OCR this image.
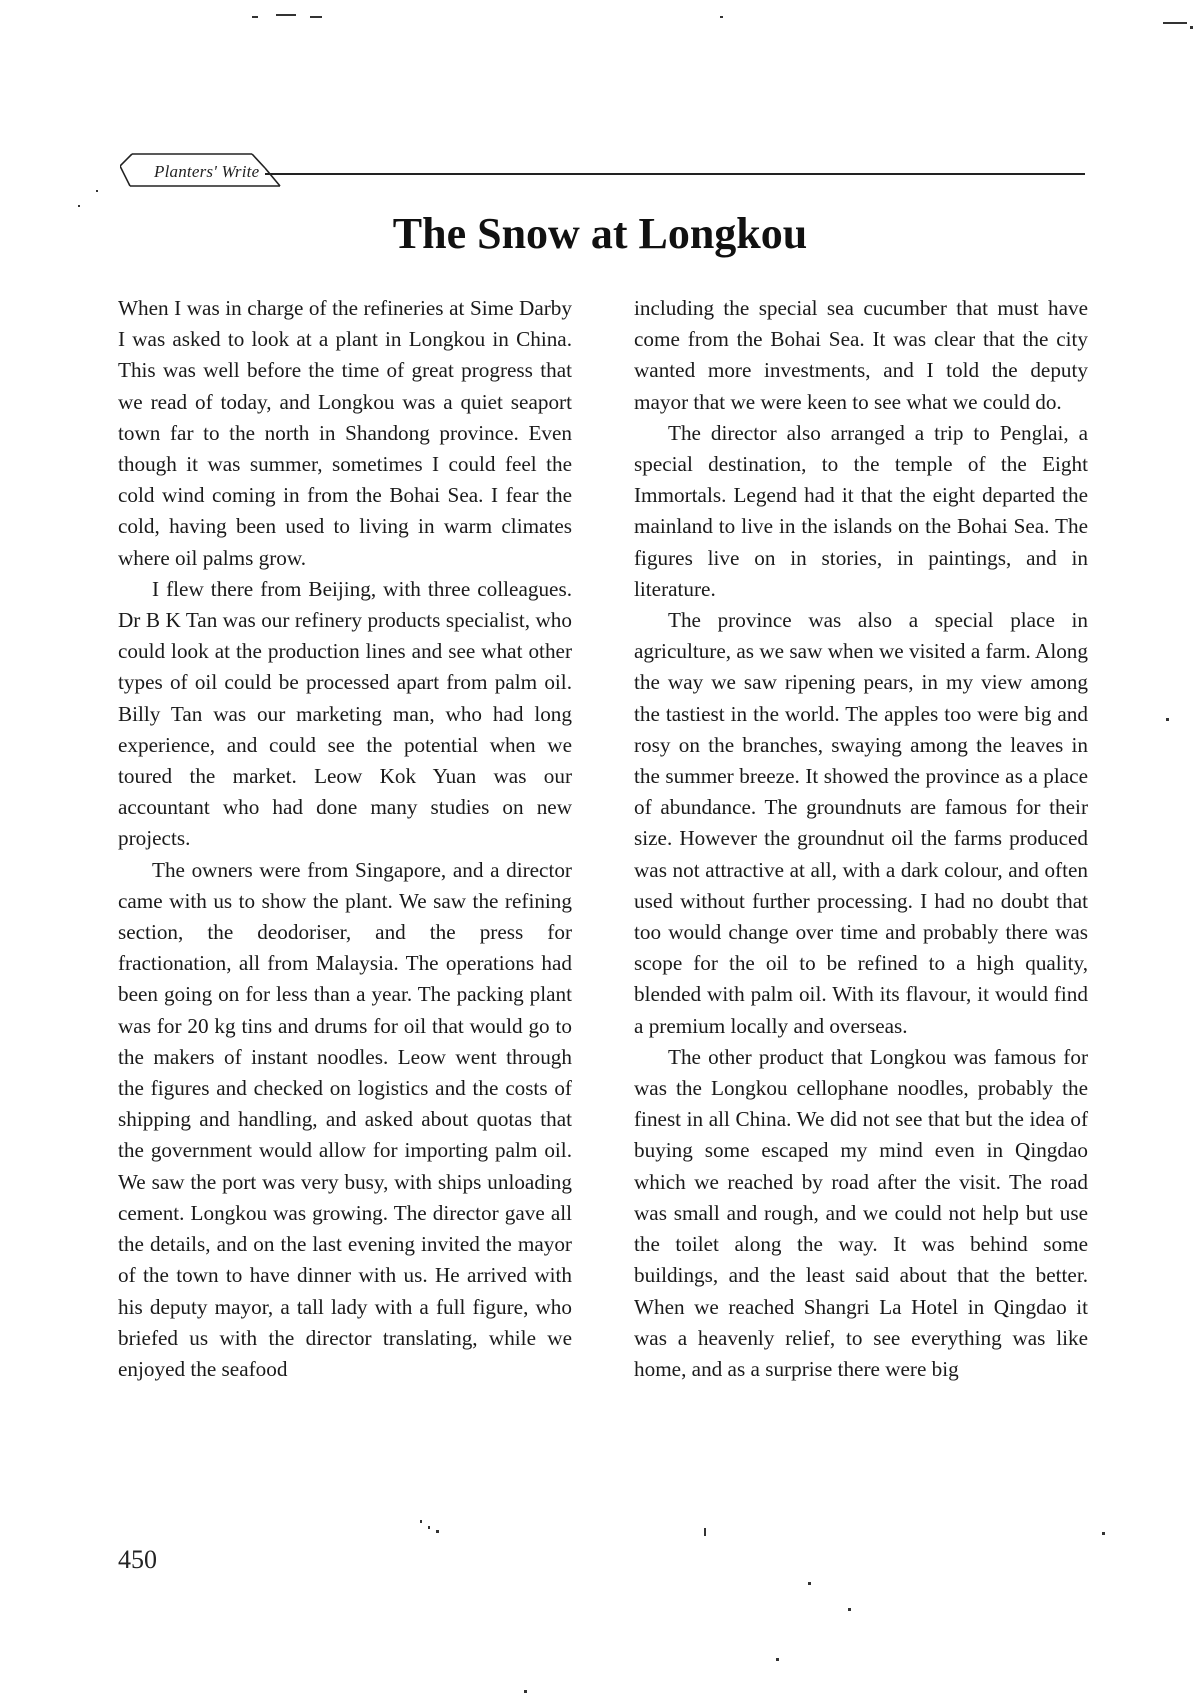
Planters' Write
The Snow at Longkou

When I was in charge of the refineries at Sime Darby I was asked to look at a plant in Longkou in China. This was well before the time of great progress that we read of today, and Longkou was a quiet seaport town far to the north in Shandong province. Even though it was summer, sometimes I could feel the cold wind coming in from the Bohai Sea. I fear the cold, having been used to living in warm climates where oil palms grow.

I flew there from Beijing, with three colleagues. Dr B K Tan was our refinery products specialist, who could look at the production lines and see what other types of oil could be processed apart from palm oil. Billy Tan was our marketing man, who had long experience, and could see the potential when we toured the market. Leow Kok Yuan was our accountant who had done many studies on new projects.

The owners were from Singapore, and a director came with us to show the plant. We saw the refining section, the deodoriser, and the press for fractionation, all from Malaysia. The operations had been going on for less than a year. The packing plant was for 20 kg tins and drums for oil that would go to the makers of instant noodles. Leow went through the figures and checked on logistics and the costs of shipping and handling, and asked about quotas that the government would allow for importing palm oil. We saw the port was very busy, with ships unloading cement. Longkou was growing. The director gave all the details, and on the last evening invited the mayor of the town to have dinner with us. He arrived with his deputy mayor, a tall lady with a full figure, who briefed us with the director translating, while we enjoyed the seafood

including the special sea cucumber that must have come from the Bohai Sea. It was clear that the city wanted more investments, and I told the deputy mayor that we were keen to see what we could do.

The director also arranged a trip to Penglai, a special destination, to the temple of the Eight Immortals. Legend had it that the eight departed the mainland to live in the islands on the Bohai Sea. The figures live on in stories, in paintings, and in literature.

The province was also a special place in agriculture, as we saw when we visited a farm. Along the way we saw ripening pears, in my view among the tastiest in the world. The apples too were big and rosy on the branches, swaying among the leaves in the summer breeze. It showed the province as a place of abundance. The groundnuts are famous for their size. However the groundnut oil the farms produced was not attractive at all, with a dark colour, and often used without further processing. I had no doubt that too would change over time and probably there was scope for the oil to be refined to a high quality, blended with palm oil. With its flavour, it would find a premium locally and overseas.

The other product that Longkou was famous for was the Longkou cellophane noodles, probably the finest in all China. We did not see that but the idea of buying some escaped my mind even in Qingdao which we reached by road after the visit. The road was small and rough, and we could not help but use the toilet along the way. It was behind some buildings, and the least said about that the better. When we reached Shangri La Hotel in Qingdao it was a heavenly relief, to see everything was like home, and as a surprise there were big

450
